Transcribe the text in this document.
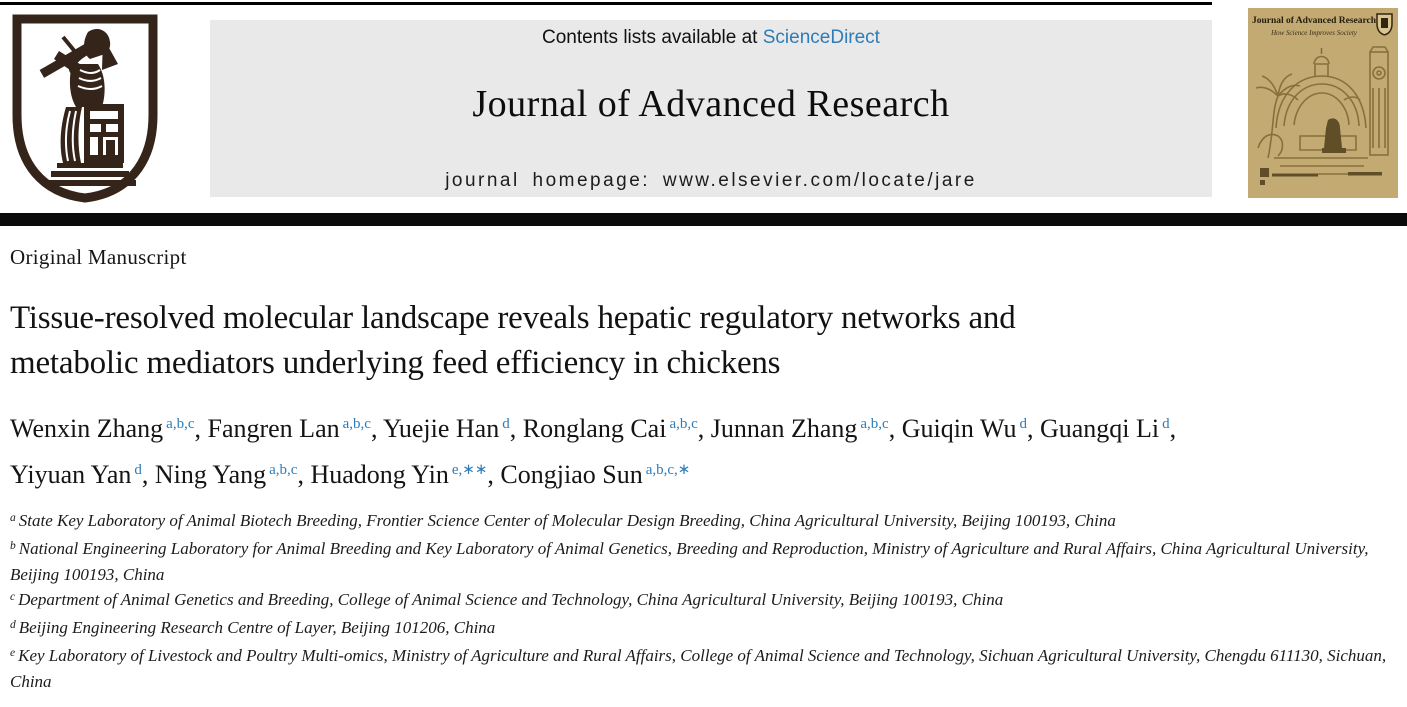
Contents lists available at ScienceDirect
Journal of Advanced Research
journal homepage: www.elsevier.com/locate/jare
Journal of Advanced Research
How Science Improves Society
Original Manuscript
Tissue-resolved molecular landscape reveals hepatic regulatory networks and metabolic mediators underlying feed efficiency in chickens
Wenxin Zhang $^{a,b,c}$, Fangren Lan $^{a,b,c}$, Yuejie Han $^d$, Ronglang Cai $^{a,b,c}$, Junnan Zhang $^{a,b,c}$, Guiqin Wu $^d$, Guangqi Li $^d$, Yiyuan Yan $^d$, Ning Yang $^{a,b,c}$, Huadong Yin $^{e,∗∗}$, Congjiao Sun $^{a,b,c,∗}$
$^a$ State Key Laboratory of Animal Biotech Breeding, Frontier Science Center of Molecular Design Breeding, China Agricultural University, Beijing 100193, China
$^b$ National Engineering Laboratory for Animal Breeding and Key Laboratory of Animal Genetics, Breeding and Reproduction, Ministry of Agriculture and Rural Affairs, China Agricultural University, Beijing 100193, China
$^c$ Department of Animal Genetics and Breeding, College of Animal Science and Technology, China Agricultural University, Beijing 100193, China
$^d$ Beijing Engineering Research Centre of Layer, Beijing 101206, China
$^e$ Key Laboratory of Livestock and Poultry Multi-omics, Ministry of Agriculture and Rural Affairs, College of Animal Science and Technology, Sichuan Agricultural University, Chengdu 611130, Sichuan, China
